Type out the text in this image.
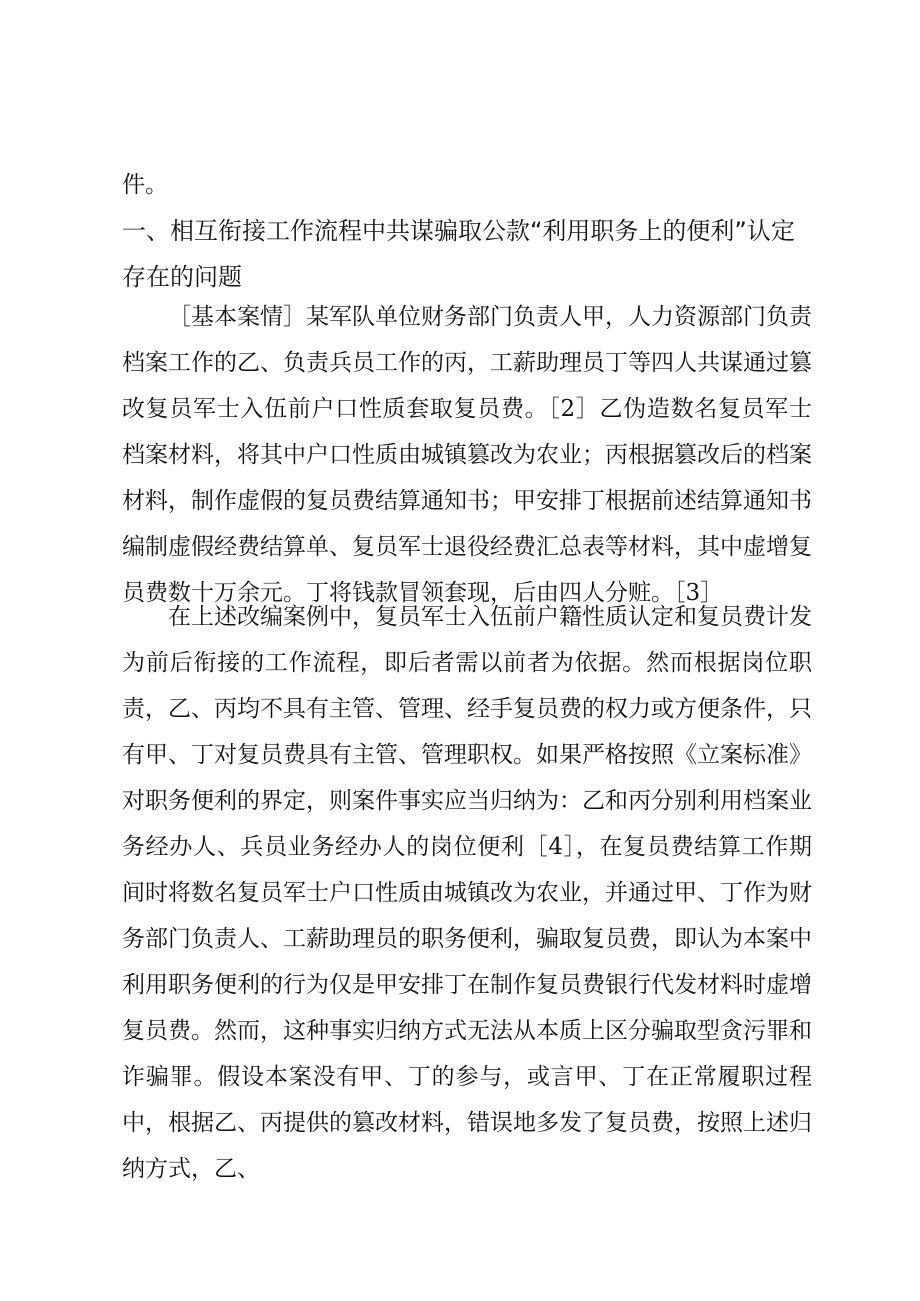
件。
一、相互衔接工作流程中共谋骗取公款“利用职务上的便利”认定存在的问题
［基本案情］某军队单位财务部门负责人甲，人力资源部门负责档案工作的乙、负责兵员工作的丙，工薪助理员丁等四人共谋通过篡改复员军士入伍前户口性质套取复员费。［2］乙伪造数名复员军士档案材料，将其中户口性质由城镇篡改为农业；丙根据篡改后的档案材料，制作虚假的复员费结算通知书；甲安排丁根据前述结算通知书编制虚假经费结算单、复员军士退役经费汇总表等材料，其中虚增复员费数十万余元。丁将钱款冒领套现，后由四人分赃。［3］
在上述改编案例中，复员军士入伍前户籍性质认定和复员费计发为前后衔接的工作流程，即后者需以前者为依据。然而根据岗位职责，乙、丙均不具有主管、管理、经手复员费的权力或方便条件，只有甲、丁对复员费具有主管、管理职权。如果严格按照《立案标准》对职务便利的界定，则案件事实应当归纳为：乙和丙分别利用档案业务经办人、兵员业务经办人的岗位便利［4］，在复员费结算工作期间时将数名复员军士户口性质由城镇改为农业，并通过甲、丁作为财务部门负责人、工薪助理员的职务便利，骗取复员费，即认为本案中利用职务便利的行为仅是甲安排丁在制作复员费银行代发材料时虚增复员费。然而，这种事实归纳方式无法从本质上区分骗取型贪污罪和诈骗罪。假设本案没有甲、丁的参与，或言甲、丁在正常履职过程中，根据乙、丙提供的篡改材料，错误地多发了复员费，按照上述归纳方式，乙、
